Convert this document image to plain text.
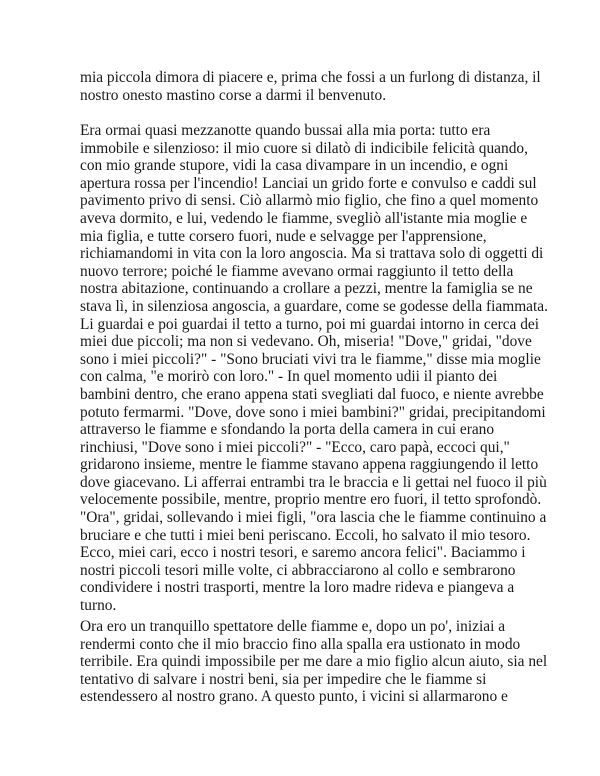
mia piccola dimora di piacere e, prima che fossi a un furlong di distanza, il
nostro onesto mastino corse a darmi il benvenuto.

Era ormai quasi mezzanotte quando bussai alla mia porta: tutto era
immobile e silenzioso: il mio cuore si dilatò di indicibile felicità quando,
con mio grande stupore, vidi la casa divampare in un incendio, e ogni
apertura rossa per l'incendio! Lanciai un grido forte e convulso e caddi sul
pavimento privo di sensi. Ciò allarmò mio figlio, che fino a quel momento
aveva dormito, e lui, vedendo le fiamme, svegliò all'istante mia moglie e
mia figlia, e tutte corsero fuori, nude e selvagge per l'apprensione,
richiamandomi in vita con la loro angoscia. Ma si trattava solo di oggetti di
nuovo terrore; poiché le fiamme avevano ormai raggiunto il tetto della
nostra abitazione, continuando a crollare a pezzi, mentre la famiglia se ne
stava lì, in silenziosa angoscia, a guardare, come se godesse della fiammata.
Li guardai e poi guardai il tetto a turno, poi mi guardai intorno in cerca dei
miei due piccoli; ma non si vedevano. Oh, miseria! "Dove," gridai, "dove
sono i miei piccoli?" - "Sono bruciati vivi tra le fiamme," disse mia moglie
con calma, "e morirò con loro." - In quel momento udii il pianto dei
bambini dentro, che erano appena stati svegliati dal fuoco, e niente avrebbe
potuto fermarmi. "Dove, dove sono i miei bambini?" gridai, precipitandomi
attraverso le fiamme e sfondando la porta della camera in cui erano
rinchiusi, "Dove sono i miei piccoli?" - "Ecco, caro papà, eccoci qui,"
gridarono insieme, mentre le fiamme stavano appena raggiungendo il letto
dove giacevano. Li afferrai entrambi tra le braccia e li gettai nel fuoco il più
velocemente possibile, mentre, proprio mentre ero fuori, il tetto sprofondò.
"Ora", gridai, sollevando i miei figli, "ora lascia che le fiamme continuino a
bruciare e che tutti i miei beni periscano. Eccoli, ho salvato il mio tesoro.
Ecco, miei cari, ecco i nostri tesori, e saremo ancora felici". Baciammo i
nostri piccoli tesori mille volte, ci abbracciarono al collo e sembrarono
condividere i nostri trasporti, mentre la loro madre rideva e piangeva a
turno.

Ora ero un tranquillo spettatore delle fiamme e, dopo un po', iniziai a
rendermi conto che il mio braccio fino alla spalla era ustionato in modo
terribile. Era quindi impossibile per me dare a mio figlio alcun aiuto, sia nel
tentativo di salvare i nostri beni, sia per impedire che le fiamme si
estendessero al nostro grano. A questo punto, i vicini si allarmarono e
